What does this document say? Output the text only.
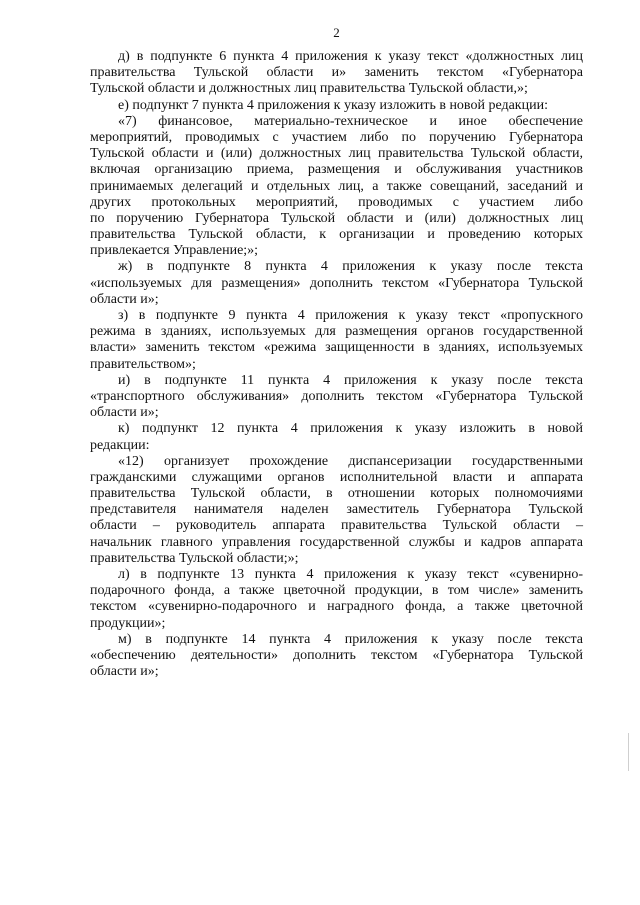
2
д) в подпункте 6 пункта 4 приложения к указу текст «должностных лиц
правительства Тульской области и» заменить текстом «Губернатора
Тульской области и должностных лиц правительства Тульской области,»;
е) подпункт 7 пункта 4 приложения к указу изложить в новой редакции:
«7) финансовое, материально-техническое и иное обеспечение
мероприятий, проводимых с участием либо по поручению Губернатора
Тульской области и (или) должностных лиц правительства Тульской области,
включая организацию приема, размещения и обслуживания участников
принимаемых делегаций и отдельных лиц, а также совещаний, заседаний и
других протокольных мероприятий, проводимых с участием либо
по поручению Губернатора Тульской области и (или) должностных лиц
правительства Тульской области, к организации и проведению которых
привлекается Управление;»;
ж) в подпункте 8 пункта 4 приложения к указу после текста
«используемых для размещения» дополнить текстом «Губернатора Тульской
области и»;
з) в подпункте 9 пункта 4 приложения к указу текст «пропускного
режима в зданиях, используемых для размещения органов государственной
власти» заменить текстом «режима защищенности в зданиях, используемых
правительством»;
и) в подпункте 11 пункта 4 приложения к указу после текста
«транспортного обслуживания» дополнить текстом «Губернатора Тульской
области и»;
к) подпункт 12 пункта 4 приложения к указу изложить в новой
редакции:
«12) организует прохождение диспансеризации государственными
гражданскими служащими органов исполнительной власти и аппарата
правительства Тульской области, в отношении которых полномочиями
представителя нанимателя наделен заместитель Губернатора Тульской
области – руководитель аппарата правительства Тульской области –
начальник главного управления государственной службы и кадров аппарата
правительства Тульской области;»;
л) в подпункте 13 пункта 4 приложения к указу текст «сувенирно-
подарочного фонда, а также цветочной продукции, в том числе» заменить
текстом «сувенирно-подарочного и наградного фонда, а также цветочной
продукции»;
м) в подпункте 14 пункта 4 приложения к указу после текста
«обеспечению деятельности» дополнить текстом «Губернатора Тульской
области и»;
